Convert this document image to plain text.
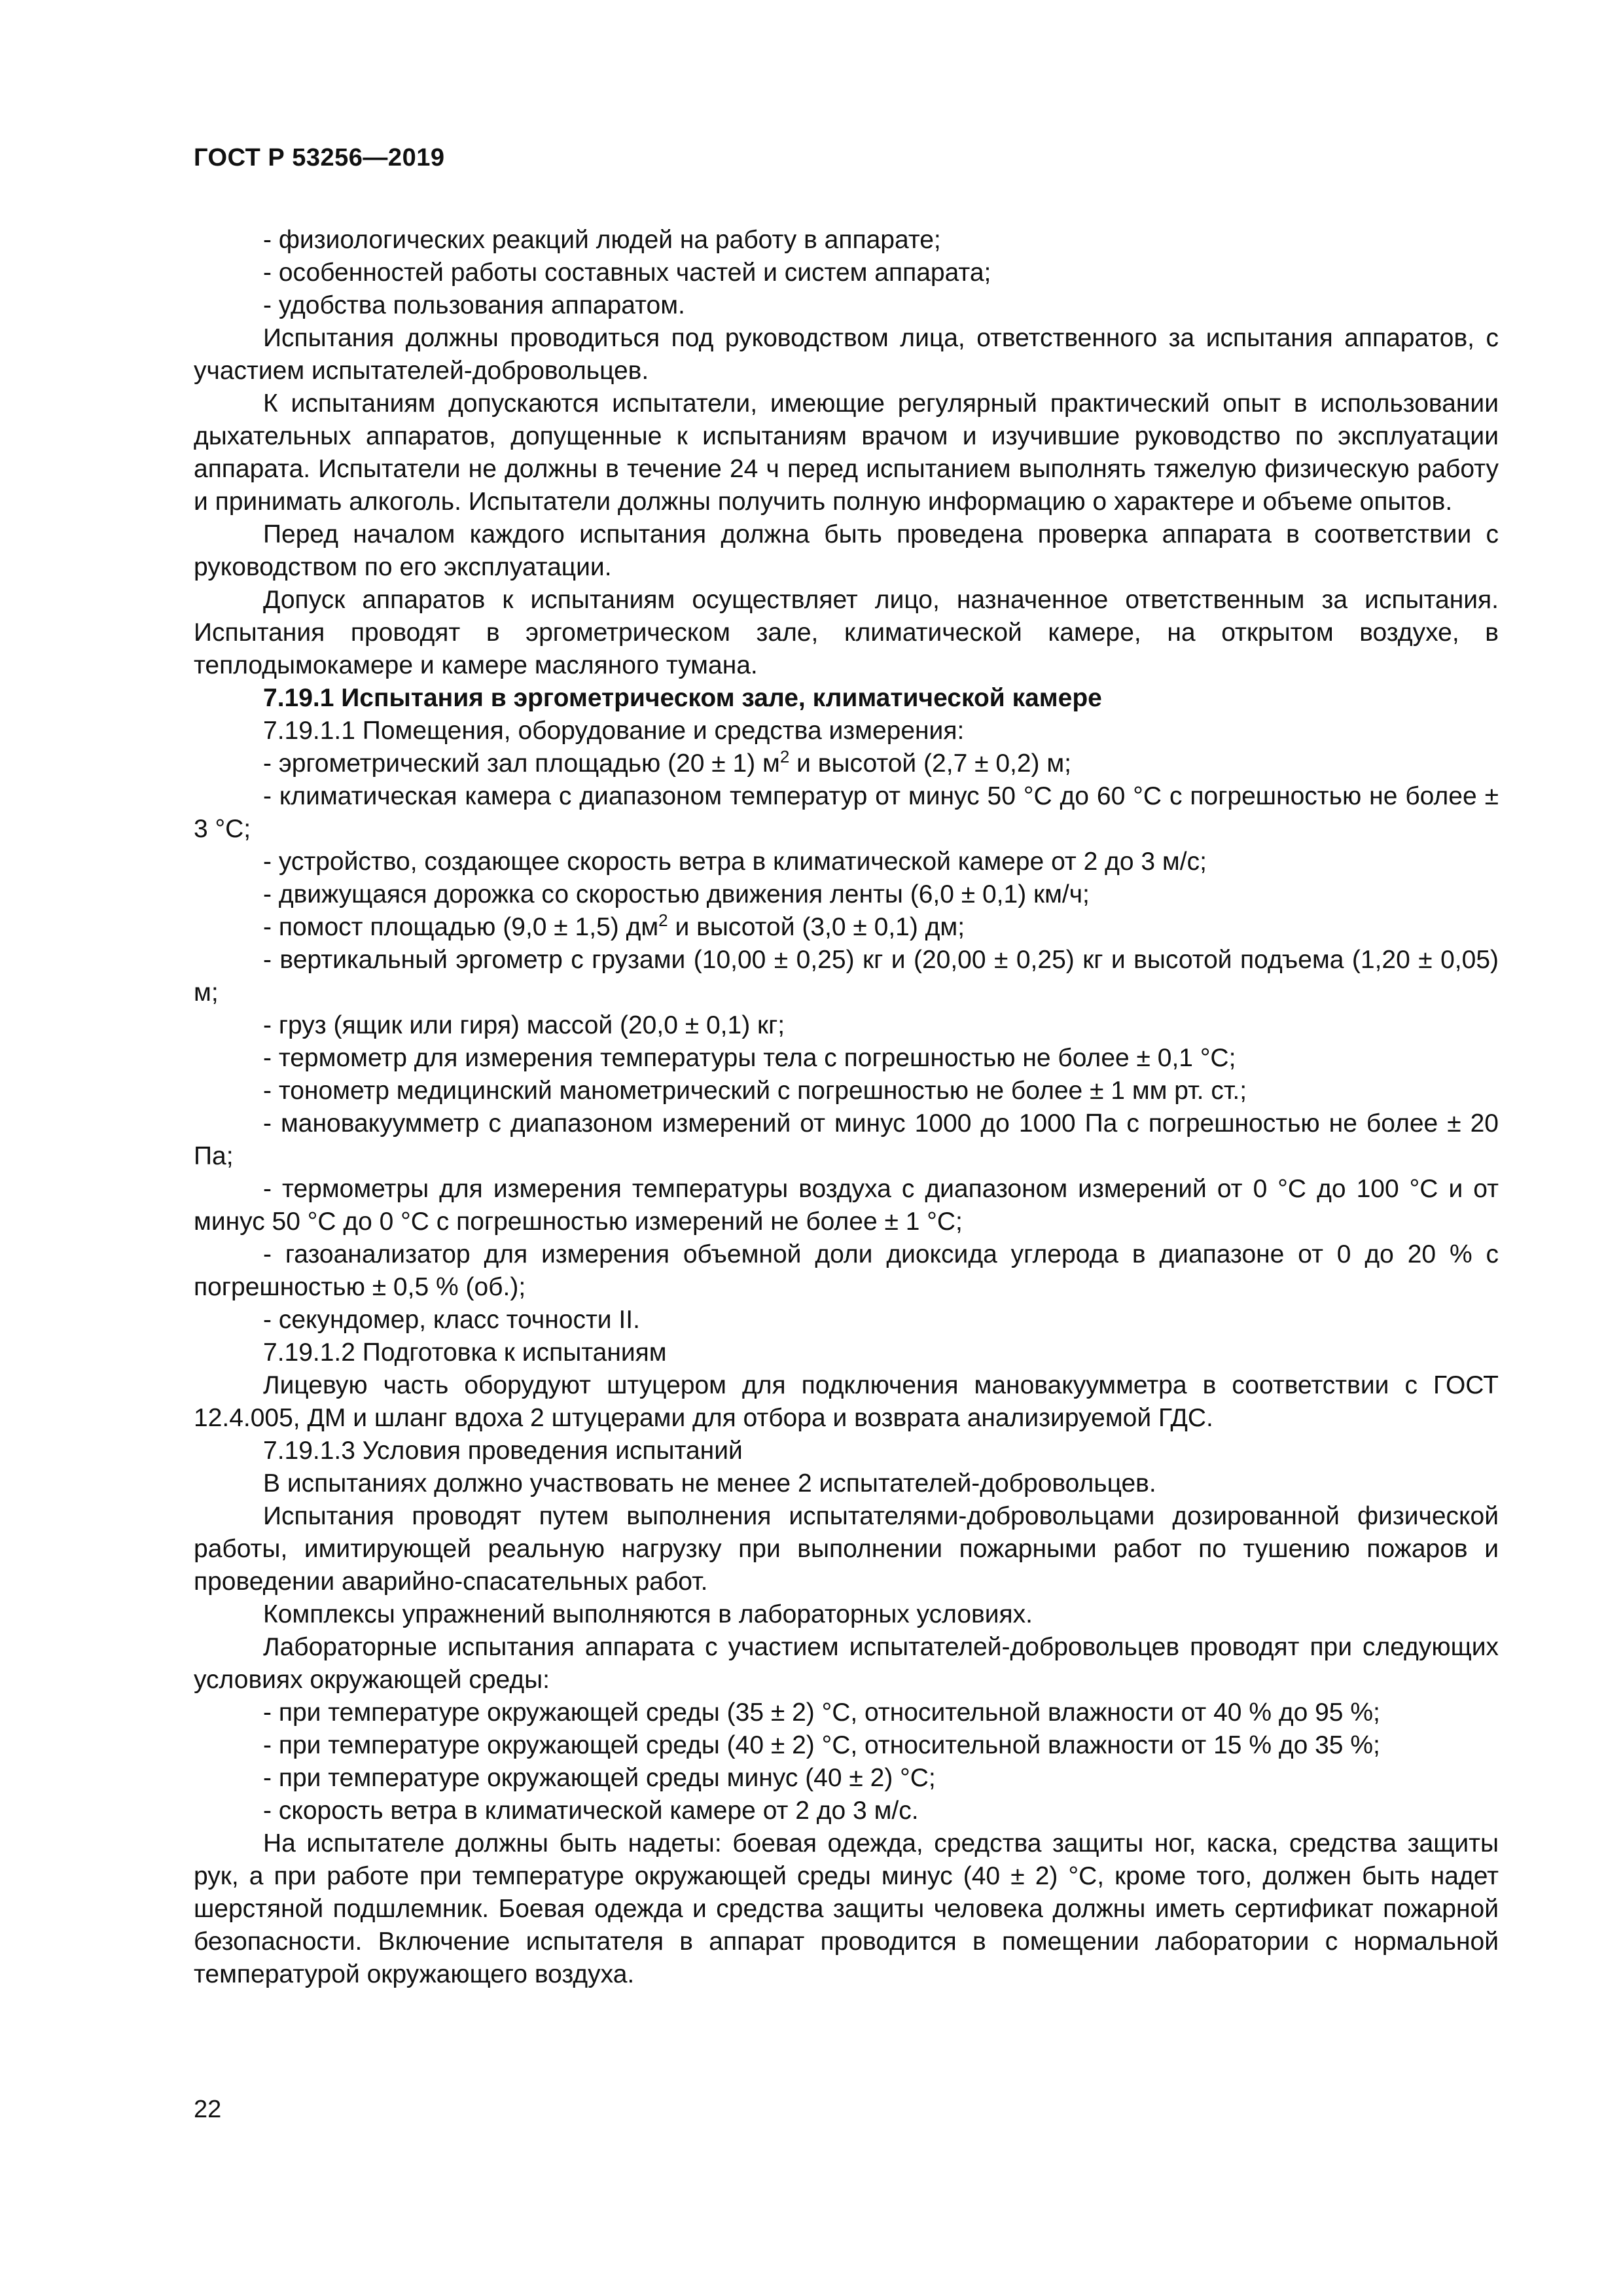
ГОСТ Р 53256—2019

- физиологических реакций людей на работу в аппарате;

- особенностей работы составных частей и систем аппарата;

- удобства пользования аппаратом.

Испытания должны проводиться под руководством лица, ответственного за испытания аппаратов, с участием испытателей-добровольцев.

К испытаниям допускаются испытатели, имеющие регулярный практический опыт в использовании дыхательных аппаратов, допущенные к испытаниям врачом и изучившие руководство по эксплуатации аппарата. Испытатели не должны в течение 24 ч перед испытанием выполнять тяжелую физическую работу и принимать алкоголь. Испытатели должны получить полную информацию о характере и объеме опытов.

Перед началом каждого испытания должна быть проведена проверка аппарата в соответствии с руководством по его эксплуатации.

Допуск аппаратов к испытаниям осуществляет лицо, назначенное ответственным за испытания. Испытания проводят в эргометрическом зале, климатической камере, на открытом воздухе, в теплодымокамере и камере масляного тумана.

7.19.1 Испытания в эргометрическом зале, климатической камере

7.19.1.1 Помещения, оборудование и средства измерения:

- эргометрический зал площадью (20 ± 1) $м^2$ и высотой (2,7 ± 0,2) м;

- климатическая камера с диапазоном температур от минус 50 °С до 60 °С с погрешностью не более ± 3 °С;

- устройство, создающее скорость ветра в климатической камере от 2 до 3 м/с;

- движущаяся дорожка со скоростью движения ленты (6,0 ± 0,1) км/ч;

- помост площадью (9,0 ± 1,5) $дм^2$ и высотой (3,0 ± 0,1) дм;

- вертикальный эргометр с грузами (10,00 ± 0,25) кг и (20,00 ± 0,25) кг и высотой подъема (1,20 ± 0,05) м;

- груз (ящик или гиря) массой (20,0 ± 0,1) кг;

- термометр для измерения температуры тела с погрешностью не более ± 0,1 °С;

- тонометр медицинский манометрический с погрешностью не более ± 1 мм рт. ст.;

- мановакуумметр с диапазоном измерений от минус 1000 до 1000 Па с погрешностью не более ± 20 Па;

- термометры для измерения температуры воздуха с диапазоном измерений от 0 °С до 100 °С и от минус 50 °С до 0 °С с погрешностью измерений не более ± 1 °С;

- газоанализатор для измерения объемной доли диоксида углерода в диапазоне от 0 до 20 % с погрешностью ± 0,5 % (об.);

- секундомер, класс точности II.

7.19.1.2 Подготовка к испытаниям

Лицевую часть оборудуют штуцером для подключения мановакуумметра в соответствии с ГОСТ 12.4.005, ДМ и шланг вдоха 2 штуцерами для отбора и возврата анализируемой ГДС.

7.19.1.3 Условия проведения испытаний

В испытаниях должно участвовать не менее 2 испытателей-добровольцев.

Испытания проводят путем выполнения испытателями-добровольцами дозированной физической работы, имитирующей реальную нагрузку при выполнении пожарными работ по тушению пожаров и проведении аварийно-спасательных работ.

Комплексы упражнений выполняются в лабораторных условиях.

Лабораторные испытания аппарата с участием испытателей-добровольцев проводят при следующих условиях окружающей среды:

- при температуре окружающей среды (35 ± 2) °С, относительной влажности от 40 % до 95 %;

- при температуре окружающей среды (40 ± 2) °С, относительной влажности от 15 % до 35 %;

- при температуре окружающей среды минус (40 ± 2) °С;

- скорость ветра в климатической камере от 2 до 3 м/с.

На испытателе должны быть надеты: боевая одежда, средства защиты ног, каска, средства защиты рук, а при работе при температуре окружающей среды минус (40 ± 2) °С, кроме того, должен быть надет шерстяной подшлемник. Боевая одежда и средства защиты человека должны иметь сертификат пожарной безопасности. Включение испытателя в аппарат проводится в помещении лаборатории с нормальной температурой окружающего воздуха.

22
